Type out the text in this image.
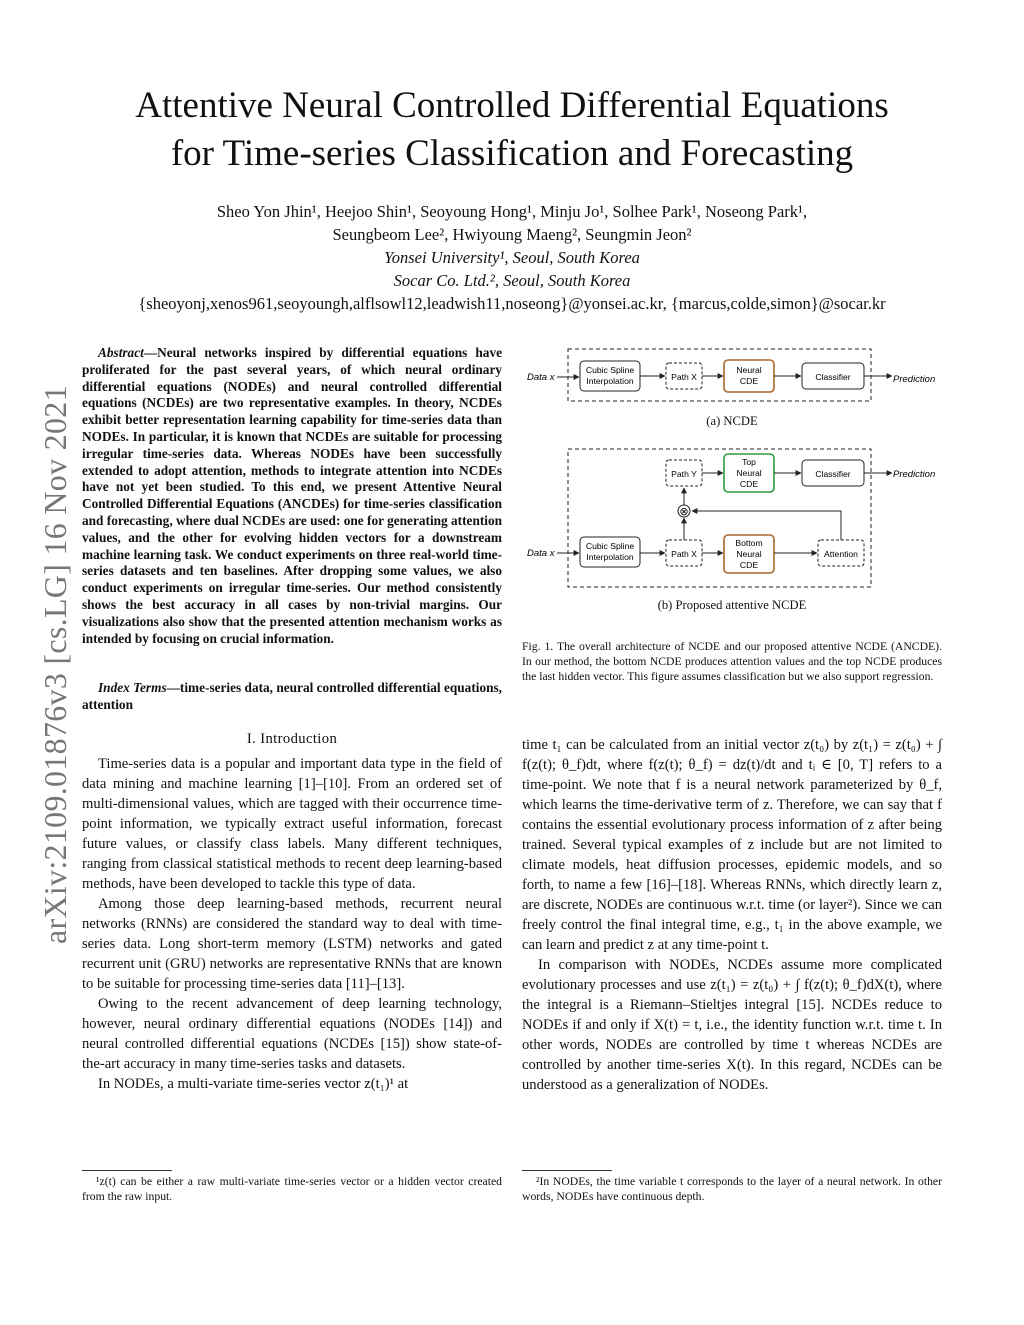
Attentive Neural Controlled Differential Equations
for Time-series Classification and Forecasting
Sheo Yon Jhin¹, Heejoo Shin¹, Seoyoung Hong¹, Minju Jo¹, Solhee Park¹, Noseong Park¹,
Seungbeom Lee², Hwiyoung Maeng², Seungmin Jeon²
Yonsei University¹, Seoul, South Korea
Socar Co. Ltd.², Seoul, South Korea
{sheoyonj,xenos961,seoyoungh,alflsowl12,leadwish11,noseong}@yonsei.ac.kr, {marcus,colde,simon}@socar.kr
arXiv:2109.01876v3 [cs.LG] 16 Nov 2021

Abstract—Neural networks inspired by differential equations have proliferated for the past several years, of which neural ordinary differential equations (NODEs) and neural controlled differential equations (NCDEs) are two representative examples. In theory, NCDEs exhibit better representation learning capability for time-series data than NODEs. In particular, it is known that NCDEs are suitable for processing irregular time-series data. Whereas NODEs have been successfully extended to adopt attention, methods to integrate attention into NCDEs have not yet been studied. To this end, we present Attentive Neural Controlled Differential Equations (ANCDEs) for time-series classification and forecasting, where dual NCDEs are used: one for generating attention values, and the other for evolving hidden vectors for a downstream machine learning task. We conduct experiments on three real-world time-series datasets and ten baselines. After dropping some values, we also conduct experiments on irregular time-series. Our method consistently shows the best accuracy in all cases by non-trivial margins. Our visualizations also show that the presented attention mechanism works as intended by focusing on crucial information.

Index Terms—time-series data, neural controlled differential equations, attention

I. Introduction

Time-series data is a popular and important data type in the field of data mining and machine learning [1]–[10]. From an ordered set of multi-dimensional values, which are tagged with their occurrence time-point information, we typically extract useful information, forecast future values, or classify class labels. Many different techniques, ranging from classical statistical methods to recent deep learning-based methods, have been developed to tackle this type of data.

Among those deep learning-based methods, recurrent neural networks (RNNs) are considered the standard way to deal with time-series data. Long short-term memory (LSTM) networks and gated recurrent unit (GRU) networks are representative RNNs that are known to be suitable for processing time-series data [11]–[13].

Owing to the recent advancement of deep learning technology, however, neural ordinary differential equations (NODEs [14]) and neural controlled differential equations (NCDEs [15]) show state-of-the-art accuracy in many time-series tasks and datasets.

In NODEs, a multi-variate time-series vector z(t₁)¹ at

time t₁ can be calculated from an initial vector z(t₀) by z(t₁) = z(t₀) + ∫ f(z(t); θ_f)dt, where f(z(t); θ_f) = dz(t)/dt and tᵢ ∈ [0, T] refers to a time-point. We note that f is a neural network parameterized by θ_f, which learns the time-derivative term of z. Therefore, we can say that f contains the essential evolutionary process information of z after being trained. Several typical examples of z include but are not limited to climate models, heat diffusion processes, epidemic models, and so forth, to name a few [16]–[18]. Whereas RNNs, which directly learn z, are discrete, NODEs are continuous w.r.t. time (or layer²). Since we can freely control the final integral time, e.g., t₁ in the above example, we can learn and predict z at any time-point t.

In comparison with NODEs, NCDEs assume more complicated evolutionary processes and use z(t₁) = z(t₀) + ∫ f(z(t); θ_f)dX(t), where the integral is a Riemann–Stieltjes integral [15]. NCDEs reduce to NODEs if and only if X(t) = t, i.e., the identity function w.r.t. time t. In other words, NODEs are controlled by time t whereas NCDEs are controlled by another time-series X(t). In this regard, NCDEs can be understood as a generalization of NODEs.

¹z(t) can be either a raw multi-variate time-series vector or a hidden vector created from the raw input.
²In NODEs, the time variable t corresponds to the layer of a neural network. In other words, NODEs have continuous depth.
Data x
Cubic Spline
Interpolation	Path X
Neural
CDE	Classifier	Prediction
Data x
Cubic Spline
Interpolation	Path X
Bottom
Neural
CDE
Attention
⊗
Path Y
Top
Neural
CDE
Classifier	Prediction
(a) NCDE
(b) Proposed attentive NCDE
Fig. 1. The overall architecture of NCDE and our proposed attentive NCDE (ANCDE). In our method, the bottom NCDE produces attention values and the top NCDE produces the last hidden vector. This figure assumes classification but we also support regression.
